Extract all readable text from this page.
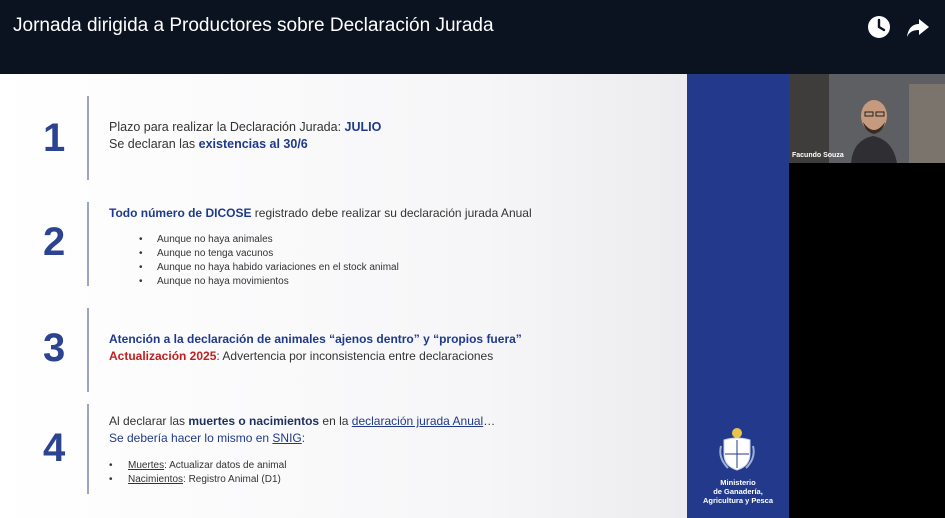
Jornada dirigida a Productores sobre Declaración Jurada
1	Plazo para realizar la Declaración Jurada: JULIO
Se declaran las existencias al 30/6
2
Todo número de DICOSE registrado debe realizar su declaración jurada Anual
• Aunque no haya animales
• Aunque no tenga vacunos
• Aunque no haya habido variaciones en el stock animal
• Aunque no haya movimientos
3	Atención a la declaración de animales “ajenos dentro” y “propios fuera”
Actualización 2025: Advertencia por inconsistencia entre declaraciones
4
Al declarar las muertes o nacimientos en la declaración jurada Anual…
Se debería hacer lo mismo en SNIG:
• Muertes: Actualizar datos de animal
• Nacimientos: Registro Animal (D1)	Ministerio
de Ganadería,
Agricultura y Pesca
Facundo Souza
